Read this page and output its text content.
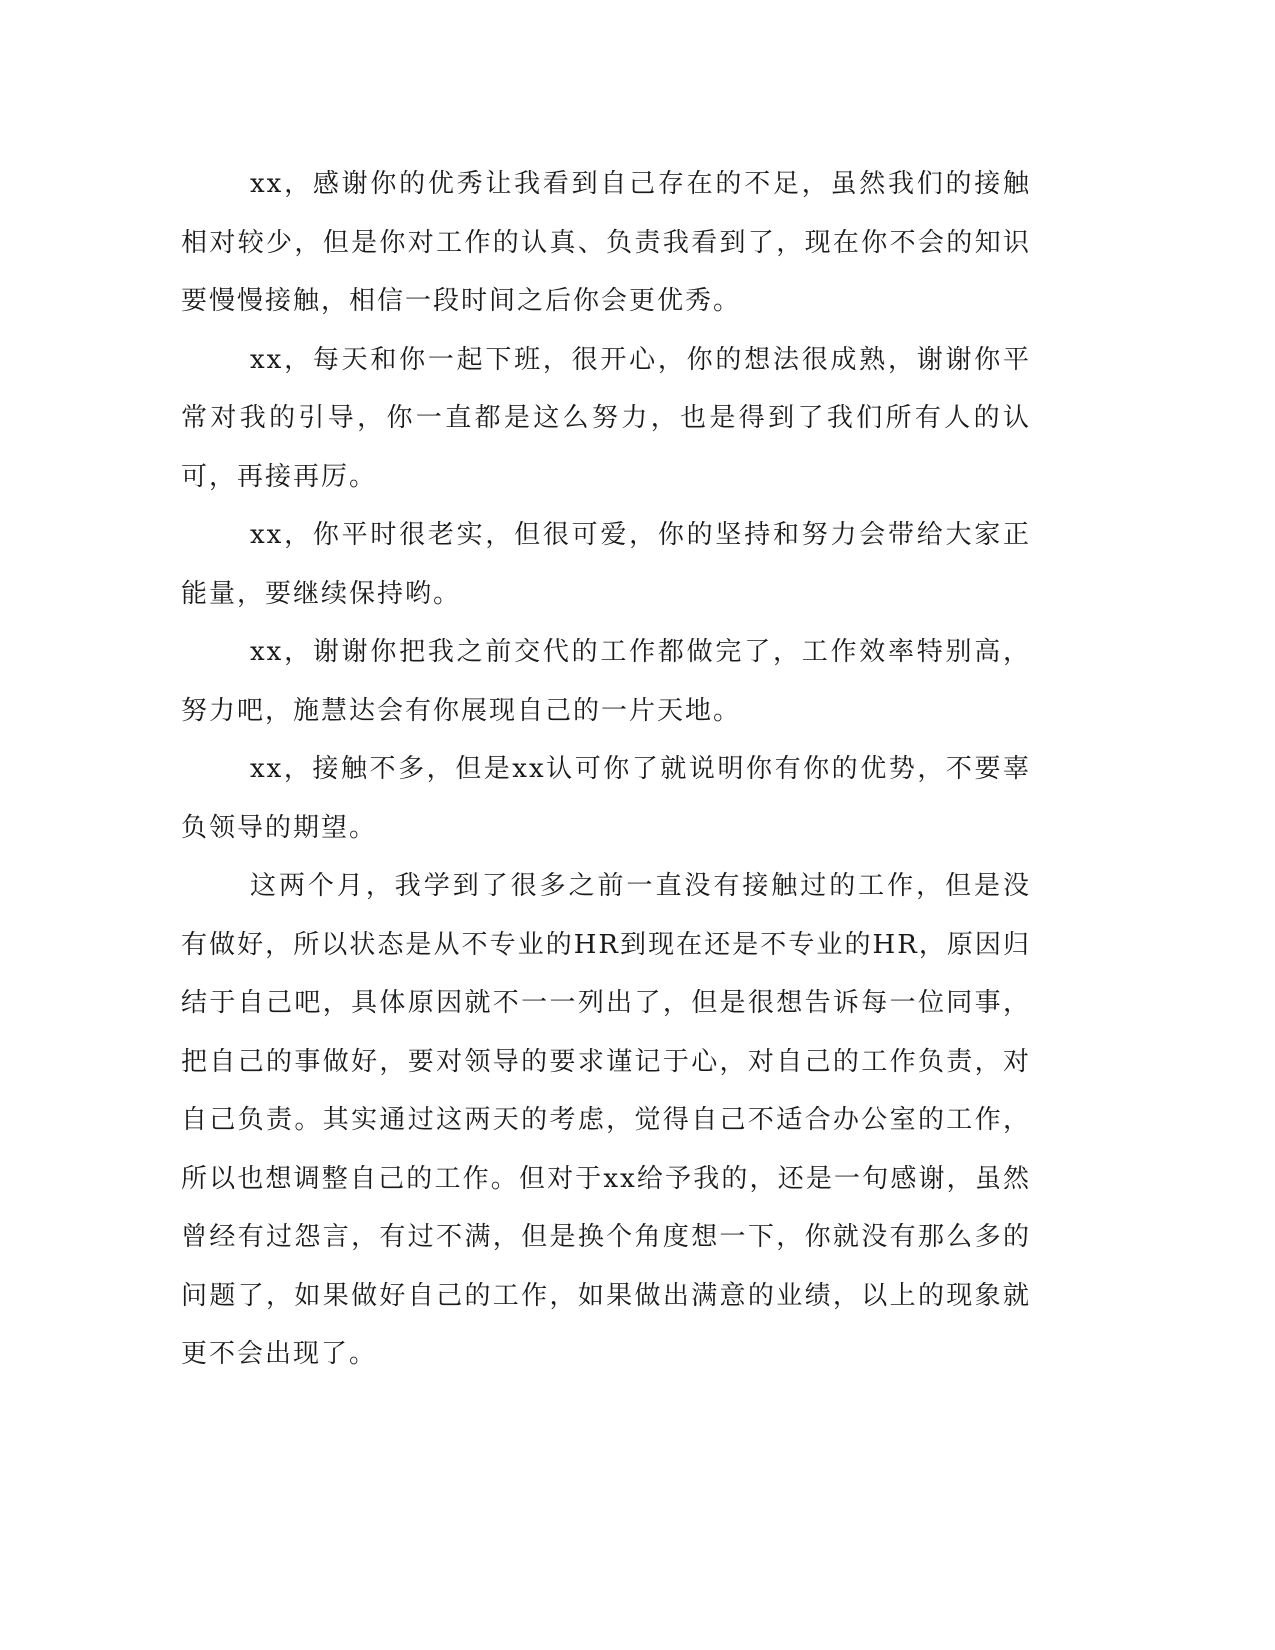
xx，感谢你的优秀让我看到自己存在的不足，虽然我们的接触相对较少，但是你对工作的认真、负责我看到了，现在你不会的知识要慢慢接触，相信一段时间之后你会更优秀。

xx，每天和你一起下班，很开心，你的想法很成熟，谢谢你平常对我的引导，你一直都是这么努力，也是得到了我们所有人的认可，再接再厉。

xx，你平时很老实，但很可爱，你的坚持和努力会带给大家正能量，要继续保持哟。

xx，谢谢你把我之前交代的工作都做完了，工作效率特别高，努力吧，施慧达会有你展现自己的一片天地。

xx，接触不多，但是xx认可你了就说明你有你的优势，不要辜负领导的期望。

这两个月，我学到了很多之前一直没有接触过的工作，但是没有做好，所以状态是从不专业的HR到现在还是不专业的HR，原因归结于自己吧，具体原因就不一一列出了，但是很想告诉每一位同事，把自己的事做好，要对领导的要求谨记于心，对自己的工作负责，对自己负责。其实通过这两天的考虑，觉得自己不适合办公室的工作，所以也想调整自己的工作。但对于xx给予我的，还是一句感谢，虽然曾经有过怨言，有过不满，但是换个角度想一下，你就没有那么多的问题了，如果做好自己的工作，如果做出满意的业绩，以上的现象就更不会出现了。
